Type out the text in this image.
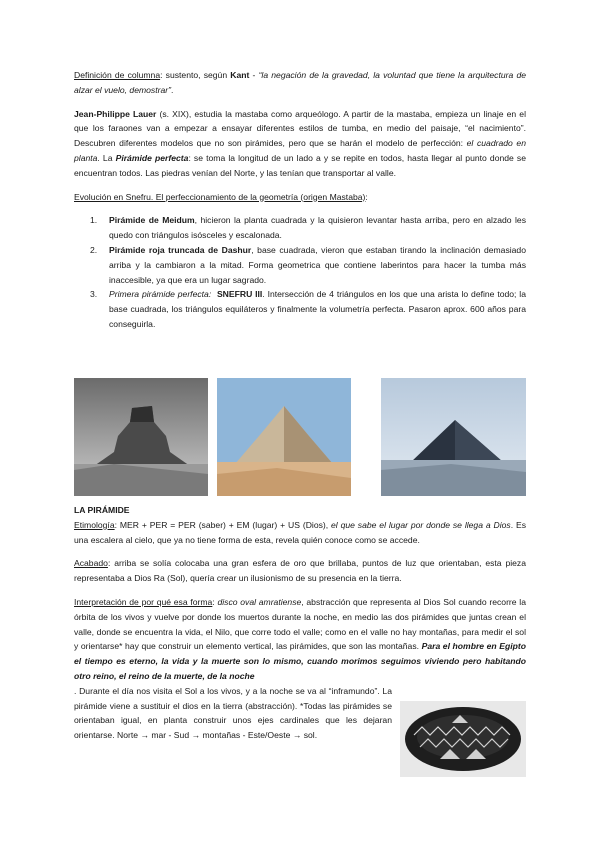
Definición de columna: sustento, según Kant - “la negación de la gravedad, la voluntad que tiene la arquitectura de alzar el vuelo, demostrar”.

Jean-Philippe Lauer (s. XIX), estudia la mastaba como arqueólogo. A partir de la mastaba, empieza un linaje en el que los faraones van a empezar a ensayar diferentes estilos de tumba, en medio del paisaje, “el nacimiento”. Descubren diferentes modelos que no son pirámides, pero que se harán el modelo de perfección: el cuadrado en planta. La Pirámide perfecta: se toma la longitud de un lado a y se repite en todos, hasta llegar al punto donde se encuentran todos. Las piedras venían del Norte, y las tenían que transportar al valle.

Evolución en Snefru. El perfeccionamiento de la geometría (origen Mastaba):

1. Pirámide de Meidum, hicieron la planta cuadrada y la quisieron levantar hasta arriba, pero en alzado les quedo con triángulos isósceles y escalonada.
2. Pirámide roja truncada de Dashur, base cuadrada, vieron que estaban tirando la inclinación demasiado arriba y la cambiaron a la mitad. Forma geometrica que contiene laberintos para hacer la tumba más inaccesible, ya que era un lugar sagrado.
3. Primera pirámide perfecta: SNEFRU III. Intersección de 4 triángulos en los que una arista lo define todo; la base cuadrada, los triángulos equiláteros y finalmente la volumetría perfecta. Pasaron aprox. 600 años para conseguirla.

LA PIRÁMIDE

Etimología: MER + PER = PER (saber) + EM (lugar) + US (Dios), el que sabe el lugar por donde se llega a Dios. Es una escalera al cielo, que ya no tiene forma de esta, revela quién conoce como se accede.

Acabado: arriba se solía colocaba una gran esfera de oro que brillaba, puntos de luz que orientaban, esta pieza representaba a Dios Ra (Sol), quería crear un ilusionismo de su presencia en la tierra.

Interpretación de por qué esa forma: disco oval amratiense, abstracción que representa al Dios Sol cuando recorre la órbita de los vivos y vuelve por donde los muertos durante la noche, en medio las dos pirámides que juntas crean el valle, donde se encuentra la vida, el Nilo, que corre todo el valle; como en el valle no hay montañas, para medir el sol y orientarse* hay que construir un elemento vertical, las pirámides, que son las montañas. Para el hombre en Egipto el tiempo es eterno, la vida y la muerte son lo mismo, cuando morimos seguimos viviendo pero habitando otro reino, el reino de la muerte, de la noche

. Durante el día nos visita el Sol a los vivos, y a la noche se va al “inframundo”. La pirámide viene a sustituir el dios en la tierra (abstracción). *Todas las pirámides se orientaban igual, en planta construir unos ejes cardinales que les dejaran orientarse. Norte → mar - Sud → montañas - Este/Oeste → sol.
